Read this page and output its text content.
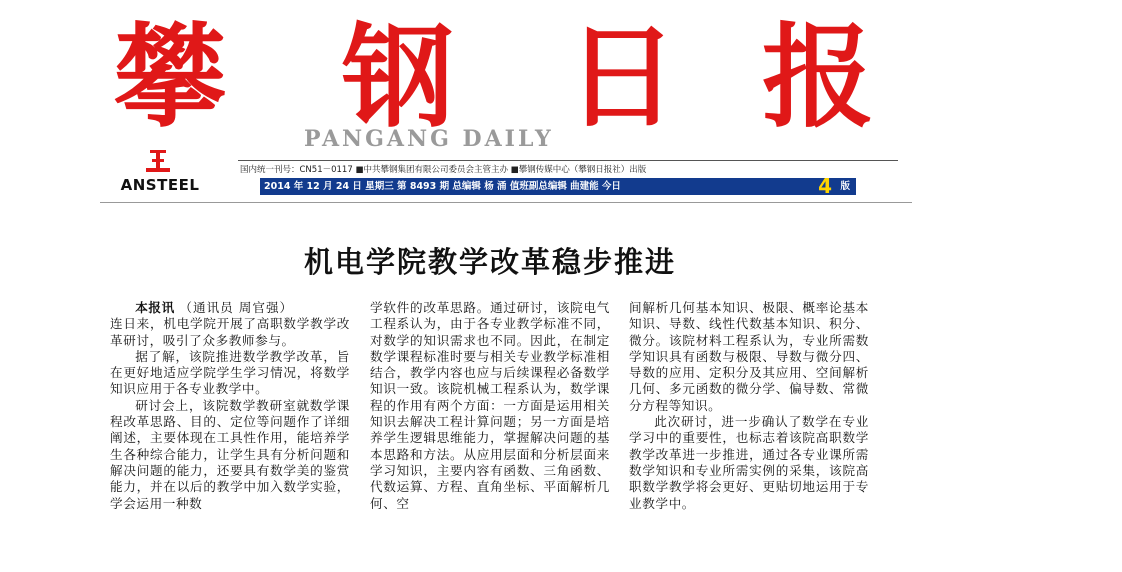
攀 钢 日 报
PANGANG DAILY
ANSTEEL
国内统一刊号：CN51－0117 ■中共攀钢集团有限公司委员会主管主办 ■攀钢传媒中心（攀钢日报社）出版
2014 年 12 月 24 日 星期三 第 8493 期 总编辑 杨 涌 值班副总编辑 曲建能 今日	4 版
机电学院教学改革稳步推进

本报讯 （通讯员 周官强）

连日来，机电学院开展了高职数学教学改革研讨，吸引了众多教师参与。

据了解，该院推进数学教学改革，旨在更好地适应学院学生学习情况，将数学知识应用于各专业教学中。

研讨会上，该院数学教研室就数学课程改革思路、目的、定位等问题作了详细阐述，主要体现在工具性作用，能培养学生各种综合能力，让学生具有分析问题和解决问题的能力，还要具有数学美的鉴赏能力，并在以后的教学中加入数学实验，学会运用一种数

学软件的改革思路。通过研讨，该院电气工程系认为，由于各专业教学标准不同，对数学的知识需求也不同。因此，在制定数学课程标准时要与相关专业教学标准相结合，教学内容也应与后续课程必备数学知识一致。该院机械工程系认为，数学课程的作用有两个方面：一方面是运用相关知识去解决工程计算问题；另一方面是培养学生逻辑思维能力，掌握解决问题的基本思路和方法。从应用层面和分析层面来学习知识，主要内容有函数、三角函数、代数运算、方程、直角坐标、平面解析几何、空

间解析几何基本知识、极限、概率论基本知识、导数、线性代数基本知识、积分、微分。该院材料工程系认为，专业所需数学知识具有函数与极限、导数与微分四、导数的应用、定积分及其应用、空间解析几何、多元函数的微分学、偏导数、常微分方程等知识。

此次研讨，进一步确认了数学在专业学习中的重要性，也标志着该院高职数学教学改革进一步推进，通过各专业课所需数学知识和专业所需实例的采集，该院高职数学教学将会更好、更贴切地运用于专业教学中。
